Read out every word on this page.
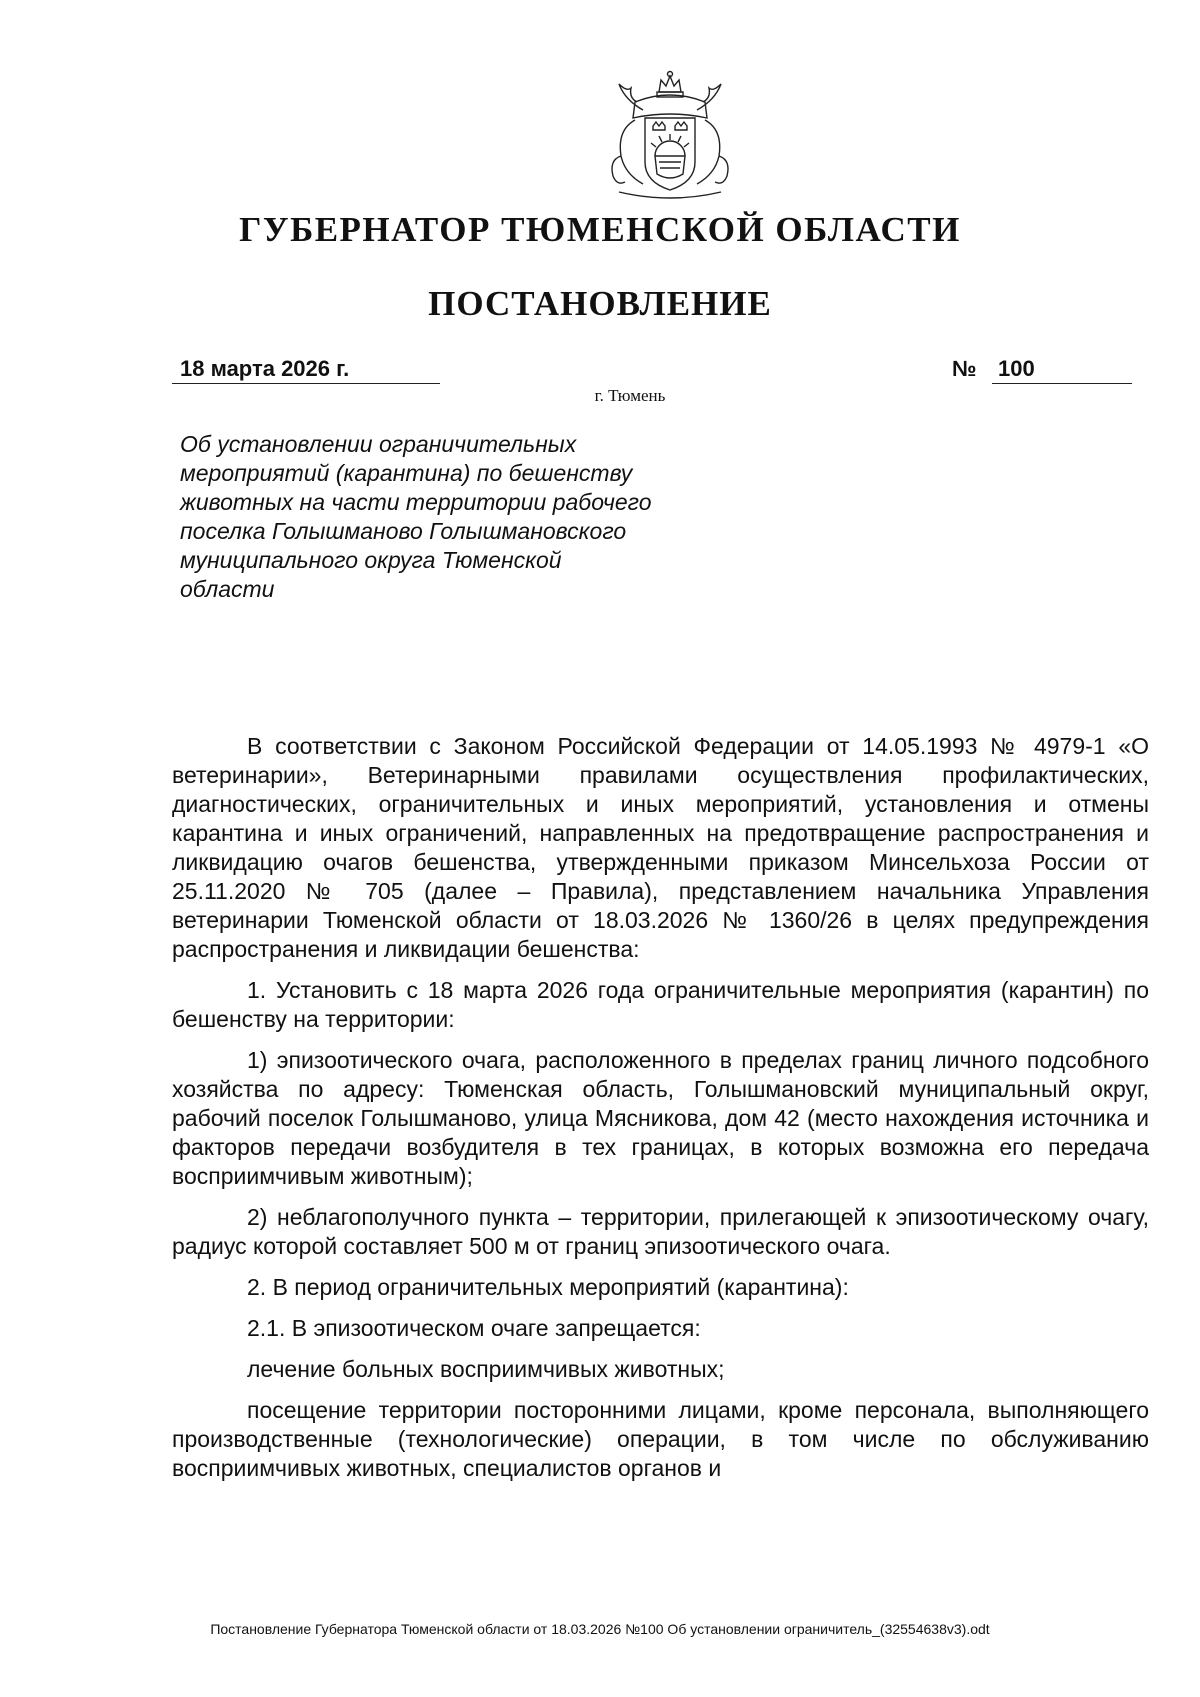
ГУБЕРНАТОР ТЮМЕНСКОЙ ОБЛАСТИ
ПОСТАНОВЛЕНИЕ
18 марта 2026 г.	№ 100
г. Тюмень

Об установлении ограничительных мероприятий (карантина) по бешенству животных на части территории рабочего поселка Голышманово Голышмановского муниципального округа Тюменской области

В соответствии с Законом Российской Федерации от 14.05.1993 № 4979-1 «О ветеринарии», Ветеринарными правилами осуществления профилактических, диагностических, ограничительных и иных мероприятий, установления и отмены карантина и иных ограничений, направленных на предотвращение распространения и ликвидацию очагов бешенства, утвержденными приказом Минсельхоза России от 25.11.2020 № 705 (далее – Правила), представлением начальника Управления ветеринарии Тюменской области от 18.03.2026 № 1360/26 в целях предупреждения распространения и ликвидации бешенства:

1. Установить с 18 марта 2026 года ограничительные мероприятия (карантин) по бешенству на территории:

1) эпизоотического очага, расположенного в пределах границ личного подсобного хозяйства по адресу: Тюменская область, Голышмановский муниципальный округ, рабочий поселок Голышманово, улица Мясникова, дом 42 (место нахождения источника и факторов передачи возбудителя в тех границах, в которых возможна его передача восприимчивым животным);

2) неблагополучного пункта – территории, прилегающей к эпизоотическому очагу, радиус которой составляет 500 м от границ эпизоотического очага.

2. В период ограничительных мероприятий (карантина):

2.1. В эпизоотическом очаге запрещается:

лечение больных восприимчивых животных;

посещение территории посторонними лицами, кроме персонала, выполняющего производственные (технологические) операции, в том числе по обслуживанию восприимчивых животных, специалистов органов и

Постановление Губернатора Тюменской области от 18.03.2026 №100 Об установлении ограничитель_(32554638v3).odt
